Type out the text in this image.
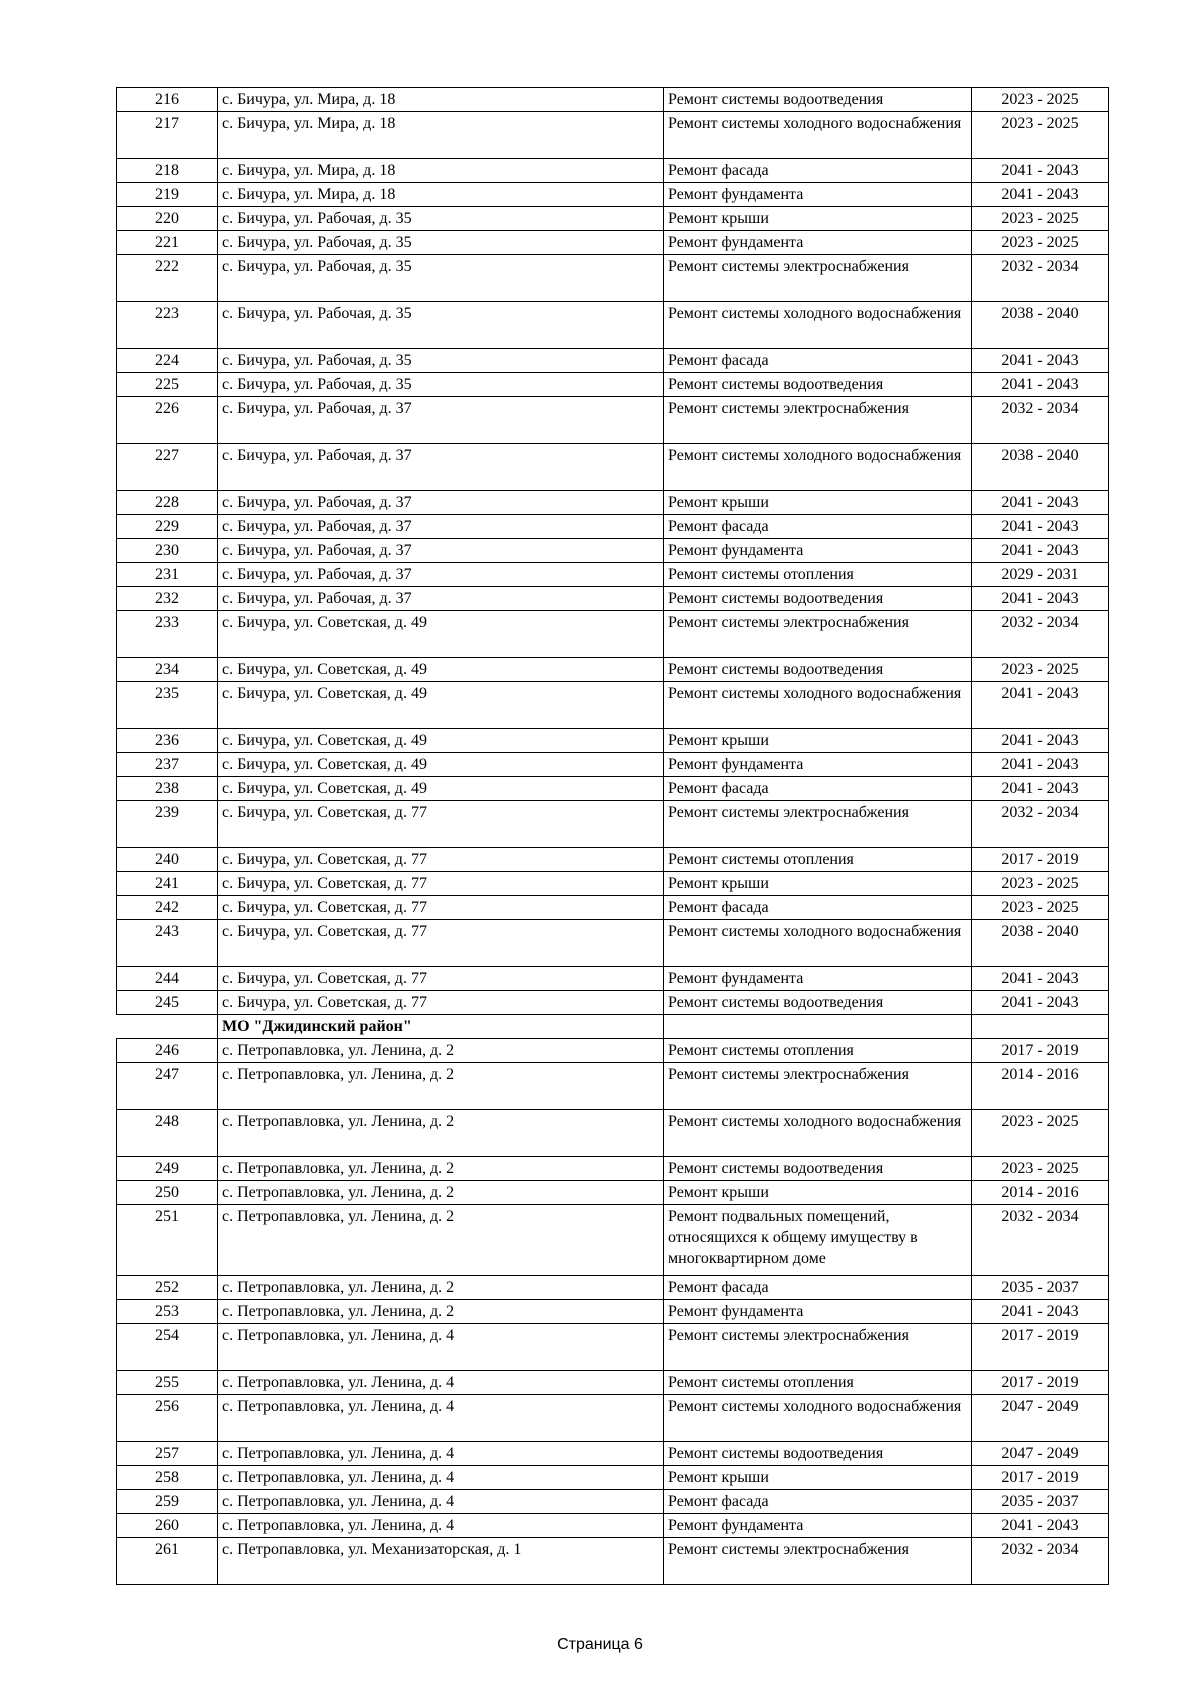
216	с. Бичура, ул. Мира, д. 18	Ремонт системы водоотведения	2023 - 2025
217	с. Бичура, ул. Мира, д. 18	Ремонт системы холодного водоснабжения	2023 - 2025
218	с. Бичура, ул. Мира, д. 18	Ремонт фасада	2041 - 2043
219	с. Бичура, ул. Мира, д. 18	Ремонт фундамента	2041 - 2043
220	с. Бичура, ул. Рабочая, д. 35	Ремонт крыши	2023 - 2025
221	с. Бичура, ул. Рабочая, д. 35	Ремонт фундамента	2023 - 2025
222	с. Бичура, ул. Рабочая, д. 35	Ремонт системы электроснабжения	2032 - 2034
223	с. Бичура, ул. Рабочая, д. 35	Ремонт системы холодного водоснабжения	2038 - 2040
224	с. Бичура, ул. Рабочая, д. 35	Ремонт фасада	2041 - 2043
225	с. Бичура, ул. Рабочая, д. 35	Ремонт системы водоотведения	2041 - 2043
226	с. Бичура, ул. Рабочая, д. 37	Ремонт системы электроснабжения	2032 - 2034
227	с. Бичура, ул. Рабочая, д. 37	Ремонт системы холодного водоснабжения	2038 - 2040
228	с. Бичура, ул. Рабочая, д. 37	Ремонт крыши	2041 - 2043
229	с. Бичура, ул. Рабочая, д. 37	Ремонт фасада	2041 - 2043
230	с. Бичура, ул. Рабочая, д. 37	Ремонт фундамента	2041 - 2043
231	с. Бичура, ул. Рабочая, д. 37	Ремонт системы отопления	2029 - 2031
232	с. Бичура, ул. Рабочая, д. 37	Ремонт системы водоотведения	2041 - 2043
233	с. Бичура, ул. Советская, д. 49	Ремонт системы электроснабжения	2032 - 2034
234	с. Бичура, ул. Советская, д. 49	Ремонт системы водоотведения	2023 - 2025
235	с. Бичура, ул. Советская, д. 49	Ремонт системы холодного водоснабжения	2041 - 2043
236	с. Бичура, ул. Советская, д. 49	Ремонт крыши	2041 - 2043
237	с. Бичура, ул. Советская, д. 49	Ремонт фундамента	2041 - 2043
238	с. Бичура, ул. Советская, д. 49	Ремонт фасада	2041 - 2043
239	с. Бичура, ул. Советская, д. 77	Ремонт системы электроснабжения	2032 - 2034
240	с. Бичура, ул. Советская, д. 77	Ремонт системы отопления	2017 - 2019
241	с. Бичура, ул. Советская, д. 77	Ремонт крыши	2023 - 2025
242	с. Бичура, ул. Советская, д. 77	Ремонт фасада	2023 - 2025
243	с. Бичура, ул. Советская, д. 77	Ремонт системы холодного водоснабжения	2038 - 2040
244	с. Бичура, ул. Советская, д. 77	Ремонт фундамента	2041 - 2043
245	с. Бичура, ул. Советская, д. 77	Ремонт системы водоотведения	2041 - 2043
	МО "Джидинский район"		
246	с. Петропавловка, ул. Ленина, д. 2	Ремонт системы отопления	2017 - 2019
247	с. Петропавловка, ул. Ленина, д. 2	Ремонт системы электроснабжения	2014 - 2016
248	с. Петропавловка, ул. Ленина, д. 2	Ремонт системы холодного водоснабжения	2023 - 2025
249	с. Петропавловка, ул. Ленина, д. 2	Ремонт системы водоотведения	2023 - 2025
250	с. Петропавловка, ул. Ленина, д. 2	Ремонт крыши	2014 - 2016
251	с. Петропавловка, ул. Ленина, д. 2	Ремонт подвальных помещений, относящихся к общему имуществу в многоквартирном доме	2032 - 2034
252	с. Петропавловка, ул. Ленина, д. 2	Ремонт фасада	2035 - 2037
253	с. Петропавловка, ул. Ленина, д. 2	Ремонт фундамента	2041 - 2043
254	с. Петропавловка, ул. Ленина, д. 4	Ремонт системы электроснабжения	2017 - 2019
255	с. Петропавловка, ул. Ленина, д. 4	Ремонт системы отопления	2017 - 2019
256	с. Петропавловка, ул. Ленина, д. 4	Ремонт системы холодного водоснабжения	2047 - 2049
257	с. Петропавловка, ул. Ленина, д. 4	Ремонт системы водоотведения	2047 - 2049
258	с. Петропавловка, ул. Ленина, д. 4	Ремонт крыши	2017 - 2019
259	с. Петропавловка, ул. Ленина, д. 4	Ремонт фасада	2035 - 2037
260	с. Петропавловка, ул. Ленина, д. 4	Ремонт фундамента	2041 - 2043
261	с. Петропавловка, ул. Механизаторская, д. 1	Ремонт системы электроснабжения	2032 - 2034
Страница 6
